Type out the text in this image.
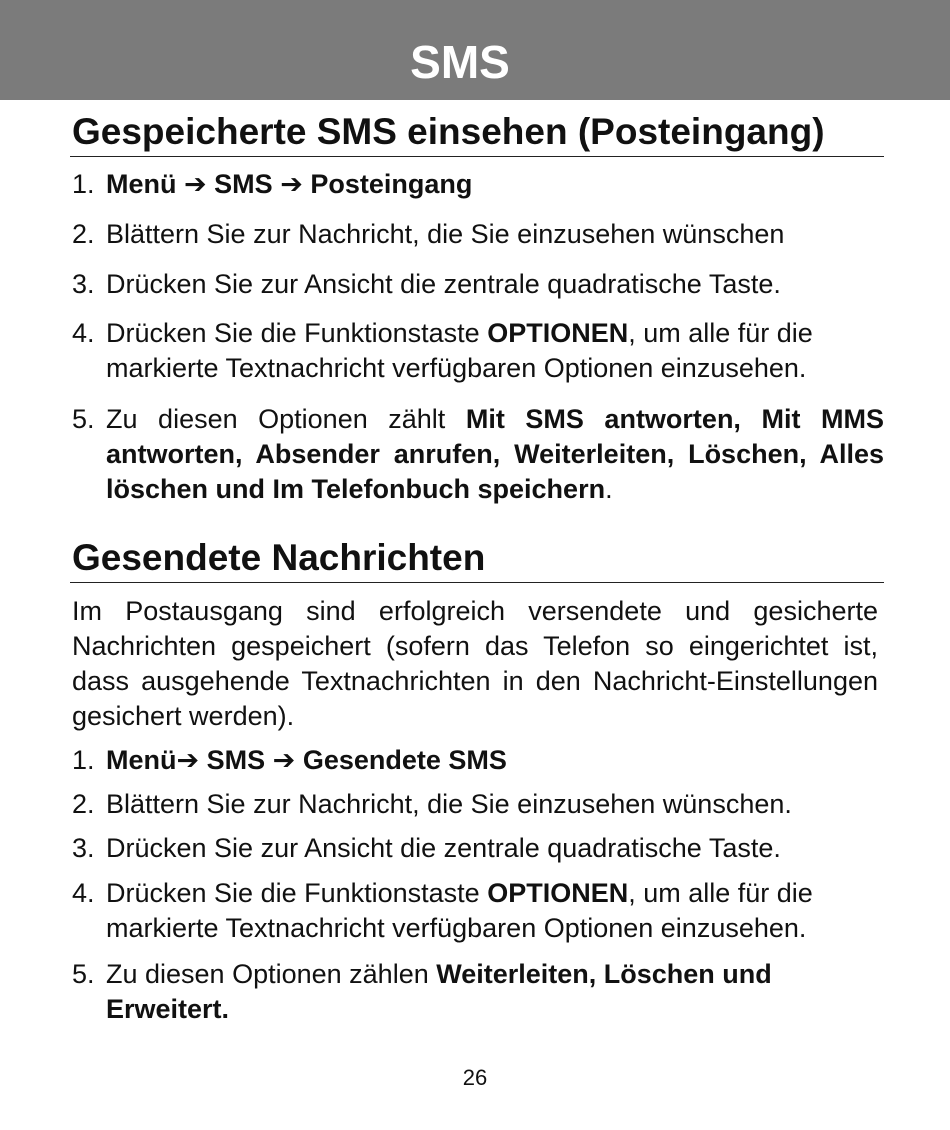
SMS
Gespeicherte SMS einsehen (Posteingang)
1. Menü ➔ SMS ➔ Posteingang
2. Blättern Sie zur Nachricht, die Sie einzusehen wünschen
3. Drücken Sie zur Ansicht die zentrale quadratische Taste.
4. Drücken Sie die Funktionstaste OPTIONEN, um alle für die markierte Textnachricht verfügbaren Optionen einzusehen.
5. Zu diesen Optionen zählt Mit SMS antworten, Mit MMS antworten, Absender anrufen, Weiterleiten, Löschen, Alles löschen und Im Telefonbuch speichern.
Gesendete Nachrichten
Im Postausgang sind erfolgreich versendete und gesicherte Nachrichten gespeichert (sofern das Telefon so eingerichtet ist, dass ausgehende Textnachrichten in den Nachricht-Einstellungen gesichert werden).
1. Menü➔ SMS ➔ Gesendete SMS
2. Blättern Sie zur Nachricht, die Sie einzusehen wünschen.
3. Drücken Sie zur Ansicht die zentrale quadratische Taste.
4. Drücken Sie die Funktionstaste OPTIONEN, um alle für die markierte Textnachricht verfügbaren Optionen einzusehen.
5. Zu diesen Optionen zählen Weiterleiten, Löschen und Erweitert.
26
